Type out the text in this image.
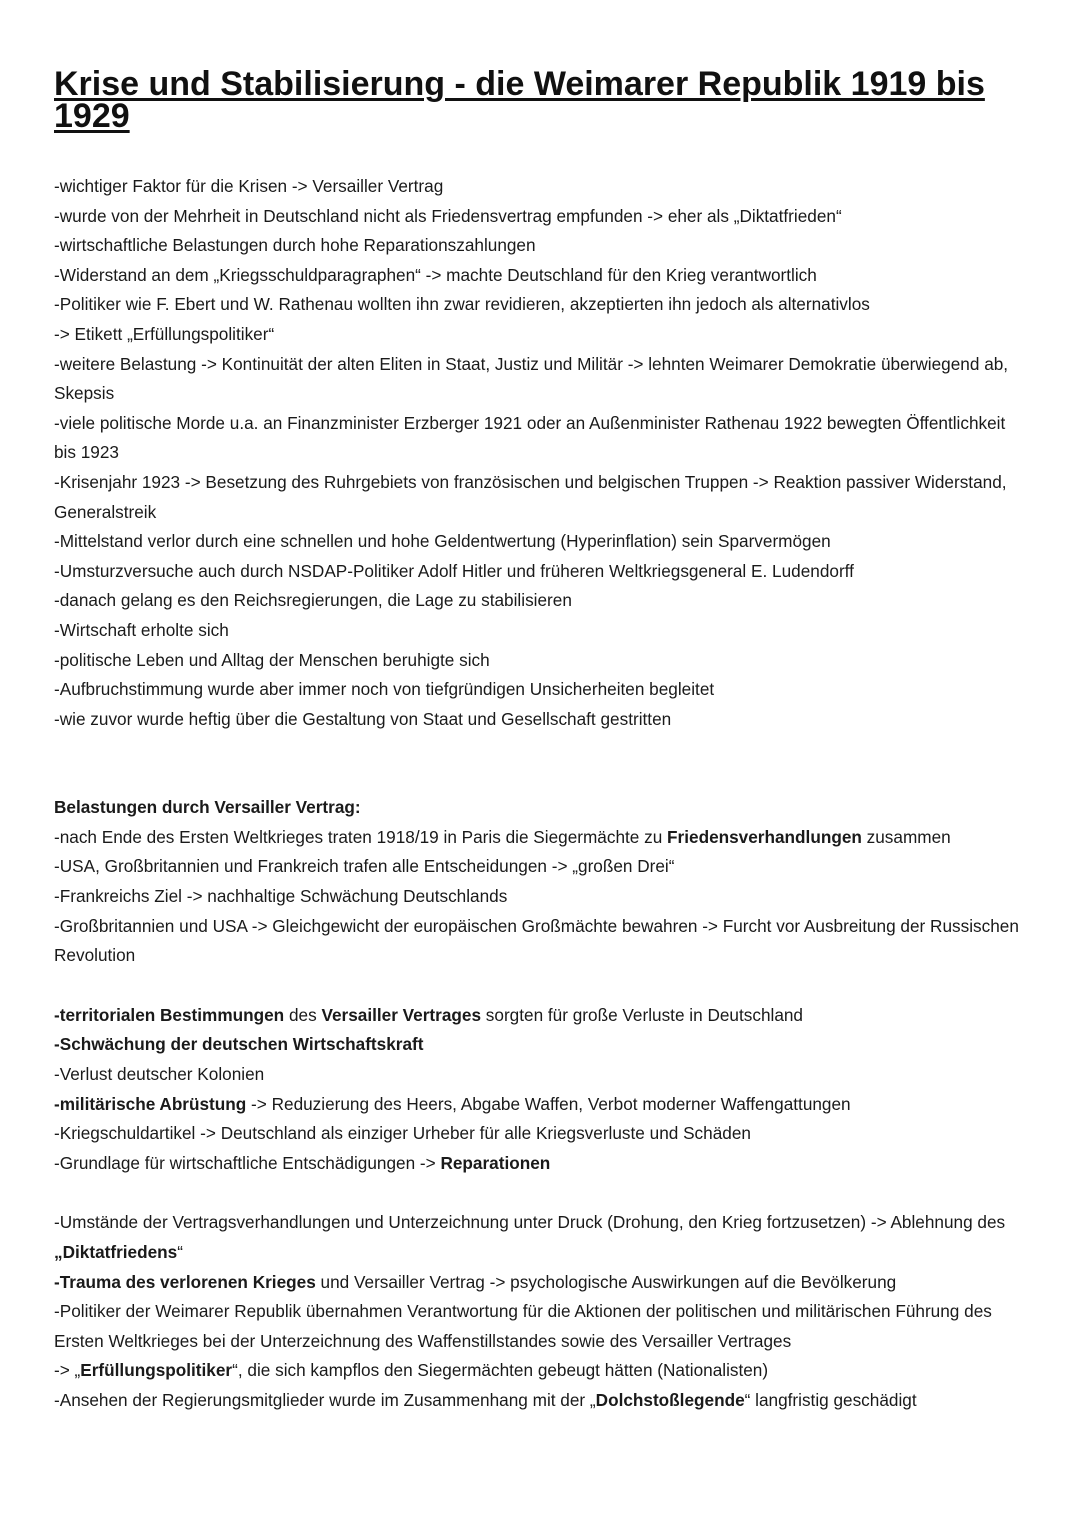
Krise und Stabilisierung - die Weimarer Republik 1919 bis 1929

-wichtiger Faktor für die Krisen -> Versailler Vertrag

-wurde von der Mehrheit in Deutschland nicht als Friedensvertrag empfunden -> eher als „Diktatfrieden“

-wirtschaftliche Belastungen durch hohe Reparationszahlungen

-Widerstand an dem „Kriegsschuldparagraphen“ -> machte Deutschland für den Krieg verantwortlich

-Politiker wie F. Ebert und W. Rathenau wollten ihn zwar revidieren, akzeptierten ihn jedoch als alternativlos

-> Etikett „Erfüllungspolitiker“

-weitere Belastung -> Kontinuität der alten Eliten in Staat, Justiz und Militär -> lehnten Weimarer Demokratie überwiegend ab, Skepsis

-viele politische Morde u.a. an Finanzminister Erzberger 1921 oder an Außenminister Rathenau 1922 bewegten Öffentlichkeit bis 1923

-Krisenjahr 1923 -> Besetzung des Ruhrgebiets von französischen und belgischen Truppen -> Reaktion passiver Widerstand, Generalstreik

-Mittelstand verlor durch eine schnellen und hohe Geldentwertung (Hyperinflation) sein Sparvermögen

-Umsturzversuche auch durch NSDAP-Politiker Adolf Hitler und früheren Weltkriegsgeneral E. Ludendorff

-danach gelang es den Reichsregierungen, die Lage zu stabilisieren

-Wirtschaft erholte sich

-politische Leben und Alltag der Menschen beruhigte sich

-Aufbruchstimmung wurde aber immer noch von tiefgründigen Unsicherheiten begleitet

-wie zuvor wurde heftig über die Gestaltung von Staat und Gesellschaft gestritten

Belastungen durch Versailler Vertrag:

-nach Ende des Ersten Weltkrieges traten 1918/19 in Paris die Siegermächte zu Friedensverhandlungen zusammen

-USA, Großbritannien und Frankreich trafen alle Entscheidungen -> „großen Drei“

-Frankreichs Ziel -> nachhaltige Schwächung Deutschlands

-Großbritannien und USA -> Gleichgewicht der europäischen Großmächte bewahren -> Furcht vor Ausbreitung der Russischen Revolution

-territorialen Bestimmungen des Versailler Vertrages sorgten für große Verluste in Deutschland

-Schwächung der deutschen Wirtschaftskraft

-Verlust deutscher Kolonien

-militärische Abrüstung -> Reduzierung des Heers, Abgabe Waffen, Verbot moderner Waffengattungen

-Kriegschuldartikel -> Deutschland als einziger Urheber für alle Kriegsverluste und Schäden

-Grundlage für wirtschaftliche Entschädigungen -> Reparationen

-Umstände der Vertragsverhandlungen und Unterzeichnung unter Druck (Drohung, den Krieg fortzusetzen) -> Ablehnung des „Diktatfriedens“

-Trauma des verlorenen Krieges und Versailler Vertrag -> psychologische Auswirkungen auf die Bevölkerung

-Politiker der Weimarer Republik übernahmen Verantwortung für die Aktionen der politischen und militärischen Führung des Ersten Weltkrieges bei der Unterzeichnung des Waffenstillstandes sowie des Versailler Vertrages

-> „Erfüllungspolitiker“, die sich kampflos den Siegermächten gebeugt hätten (Nationalisten)

-Ansehen der Regierungsmitglieder wurde im Zusammenhang mit der „Dolchstoßlegende“ langfristig geschädigt
